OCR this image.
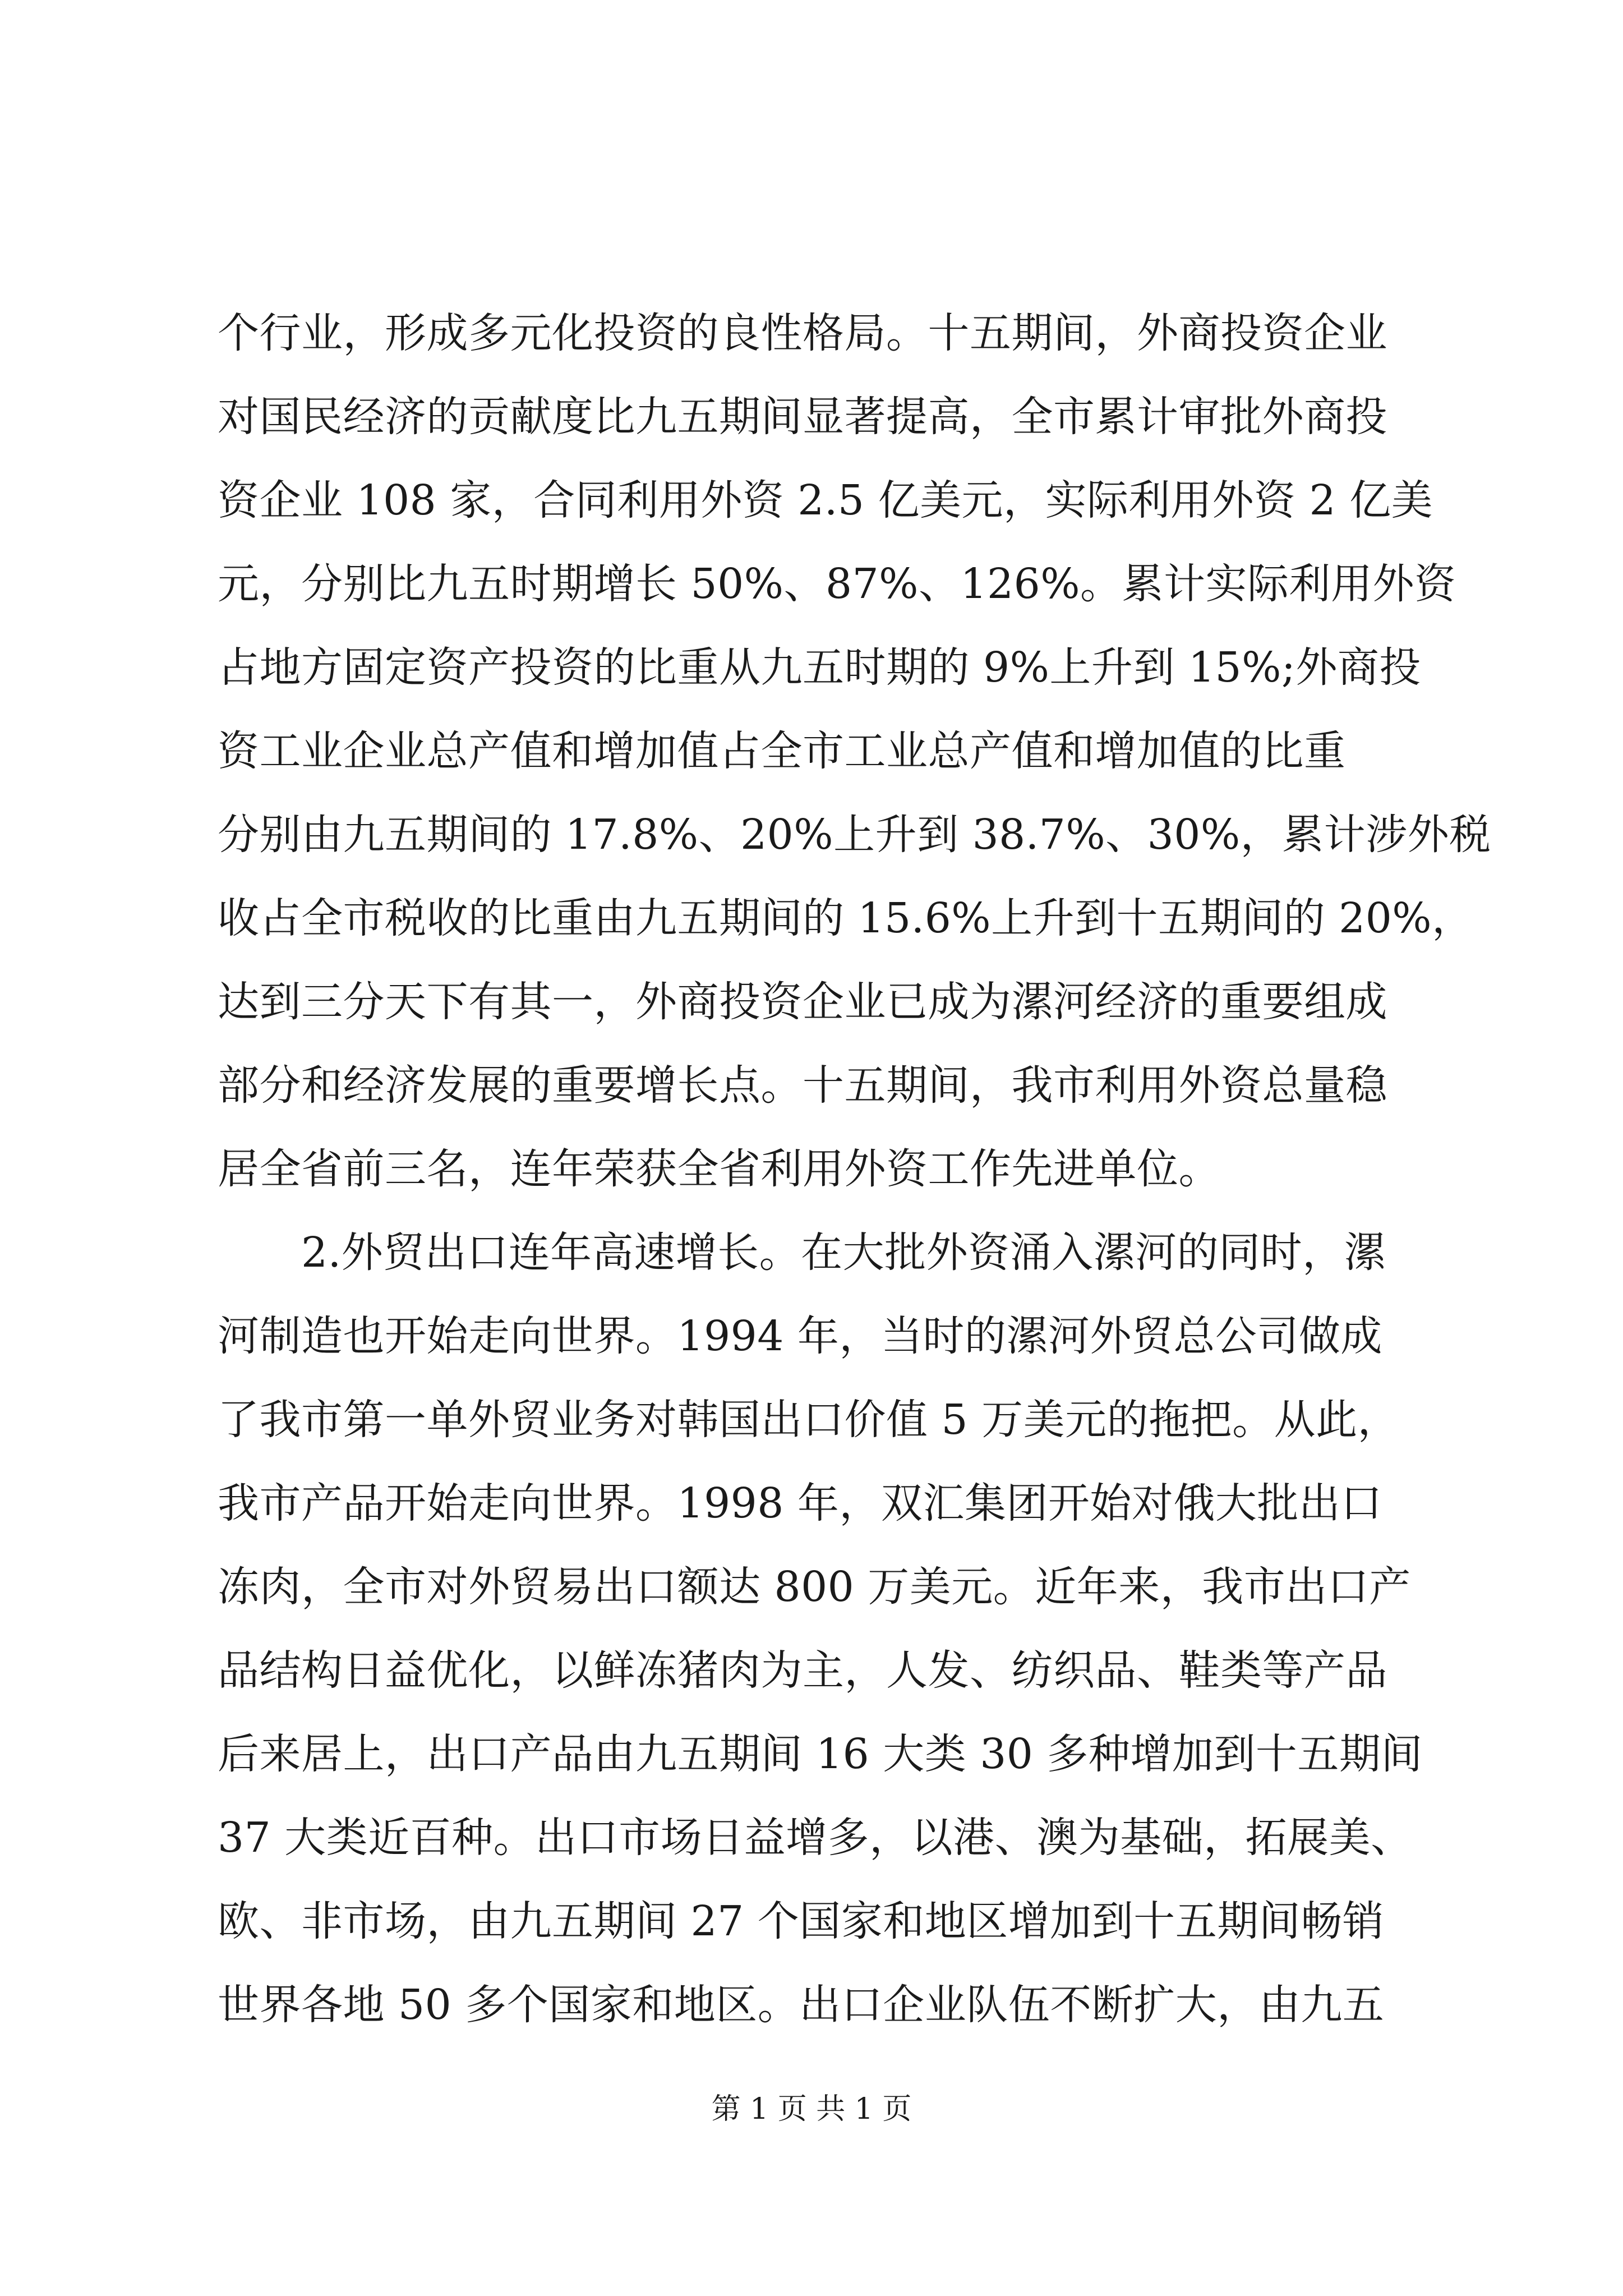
个行业，形成多元化投资的良性格局。十五期间，外商投资企业
对国民经济的贡献度比九五期间显著提高，全市累计审批外商投
资企业 108 家，合同利用外资 2.5 亿美元，实际利用外资 2 亿美
元，分别比九五时期增长 50%、87%、126%。累计实际利用外资
占地方固定资产投资的比重从九五时期的 9%上升到 15%;外商投
资工业企业总产值和增加值占全市工业总产值和增加值的比重
分别由九五期间的 17.8%、20%上升到 38.7%、30%，累计涉外税
收占全市税收的比重由九五期间的 15.6%上升到十五期间的 20%，
达到三分天下有其一，外商投资企业已成为漯河经济的重要组成
部分和经济发展的重要增长点。十五期间，我市利用外资总量稳
居全省前三名，连年荣获全省利用外资工作先进单位。
　　2.外贸出口连年高速增长。在大批外资涌入漯河的同时，漯
河制造也开始走向世界。1994 年，当时的漯河外贸总公司做成
了我市第一单外贸业务对韩国出口价值 5 万美元的拖把。从此，
我市产品开始走向世界。1998 年，双汇集团开始对俄大批出口
冻肉，全市对外贸易出口额达 800 万美元。近年来，我市出口产
品结构日益优化，以鲜冻猪肉为主，人发、纺织品、鞋类等产品
后来居上，出口产品由九五期间 16 大类 30 多种增加到十五期间
37 大类近百种。出口市场日益增多，以港、澳为基础，拓展美、
欧、非市场，由九五期间 27 个国家和地区增加到十五期间畅销
世界各地 50 多个国家和地区。出口企业队伍不断扩大，由九五
第 1 页 共 1 页
